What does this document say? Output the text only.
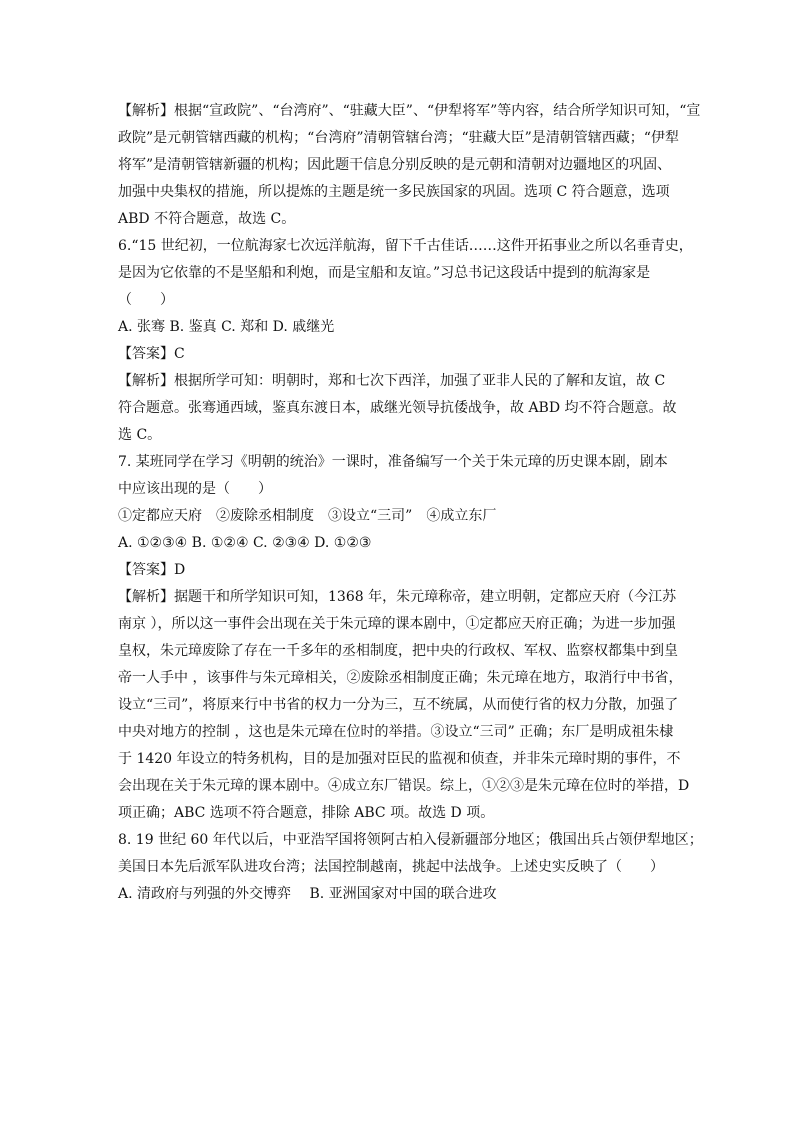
【解析】根据“宣政院”、“台湾府”、“驻藏大臣”、“伊犁将军”等内容，结合所学知识可知，“宣

政院”是元朝管辖西藏的机构；“台湾府”清朝管辖台湾；“驻藏大臣”是清朝管辖西藏；“伊犁

将军”是清朝管辖新疆的机构；因此题干信息分别反映的是元朝和清朝对边疆地区的巩固、

加强中央集权的措施，所以提炼的主题是统一多民族国家的巩固。选项 C 符合题意，选项

ABD 不符合题意，故选 C。

6.“15 世纪初，一位航海家七次远洋航海，留下千古佳话……这件开拓事业之所以名垂青史，

是因为它依靠的不是坚船和利炮，而是宝船和友谊。”习总书记这段话中提到的航海家是

（　　）

A. 张骞 B. 鉴真 C. 郑和 D. 戚继光

【答案】C

【解析】根据所学可知：明朝时，郑和七次下西洋，加强了亚非人民的了解和友谊，故 C

符合题意。张骞通西域，鉴真东渡日本，戚继光领导抗倭战争，故 ABD 均不符合题意。故

选 C。

7. 某班同学在学习《明朝的统治》一课时，准备编写一个关于朱元璋的历史课本剧，剧本

中应该出现的是（　　）

①定都应天府　②废除丞相制度　③设立“三司”　④成立东厂

A. ①②③④ B. ①②④ C. ②③④ D. ①②③

【答案】D

【解析】据题干和所学知识可知，1368 年，朱元璋称帝，建立明朝，定都应天府（今江苏

南京 ），所以这一事件会出现在关于朱元璋的课本剧中，①定都应天府正确；为进一步加强

皇权，朱元璋废除了存在一千多年的丞相制度，把中央的行政权、军权、监察权都集中到皇

帝一人手中 ，该事件与朱元璋相关，②废除丞相制度正确；朱元璋在地方，取消行中书省，

设立“三司”，将原来行中书省的权力一分为三，互不统属，从而使行省的权力分散，加强了

中央对地方的控制 ，这也是朱元璋在位时的举措。③设立“三司” 正确；东厂是明成祖朱棣

于 1420 年设立的特务机构，目的是加强对臣民的监视和侦查，并非朱元璋时期的事件，不

会出现在关于朱元璋的课本剧中。④成立东厂错误。综上，①②③是朱元璋在位时的举措，D

项正确；ABC 选项不符合题意，排除 ABC 项。故选 D 项。

8. 19 世纪 60 年代以后，中亚浩罕国将领阿古柏入侵新疆部分地区；俄国出兵占领伊犁地区；

美国日本先后派军队进攻台湾；法国控制越南，挑起中法战争。上述史实反映了（　　）

A. 清政府与列强的外交博弈　 B. 亚洲国家对中国的联合进攻
